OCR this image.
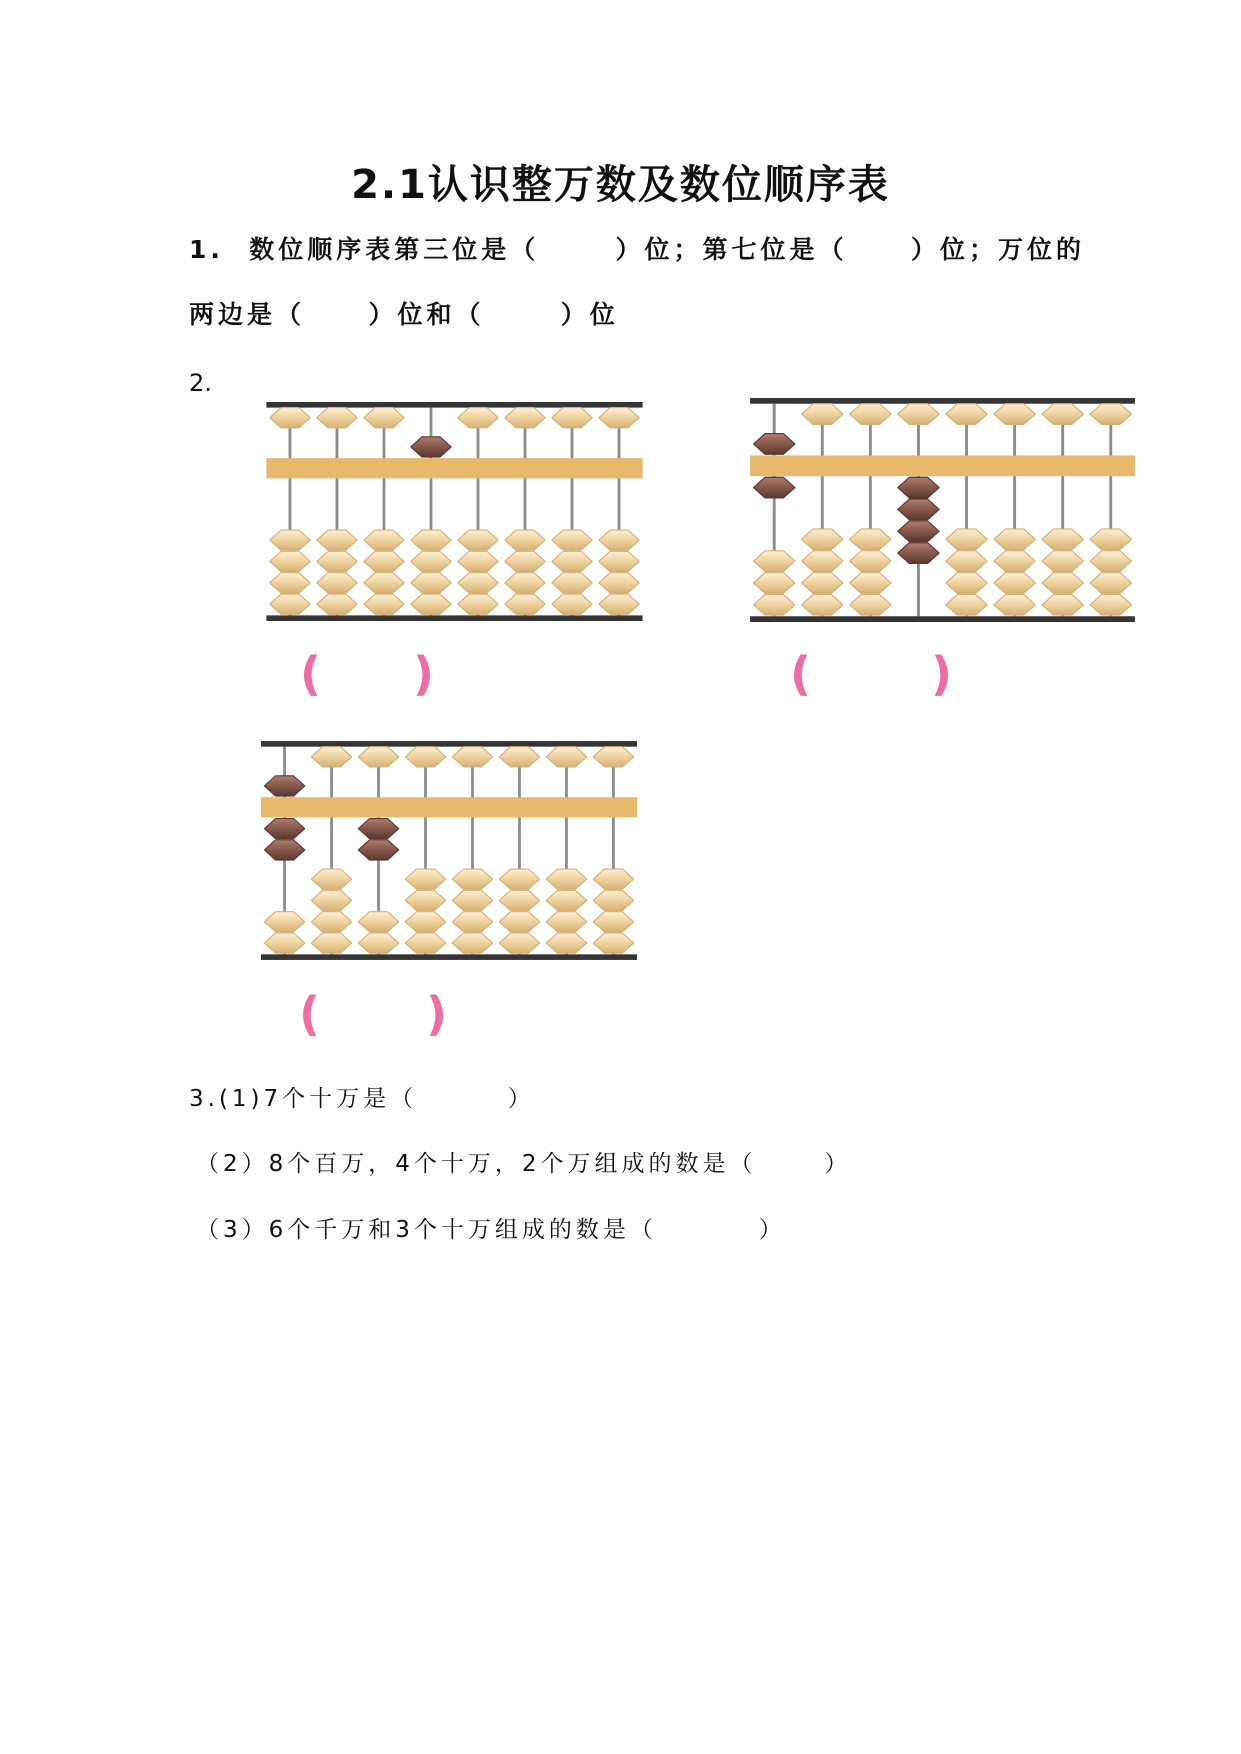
2.1认识整万数及数位顺序表
1.  数位顺序表第三位是（      ）位；第七位是（     ）位；万位的
两边是（     ）位和（      ）位
2.
( )	(	)
( )
3.(1)7个十万是（        ）
（2）8个百万，4个十万，2个万组成的数是（      ）
（3）6个千万和3个十万组成的数是（         ）
